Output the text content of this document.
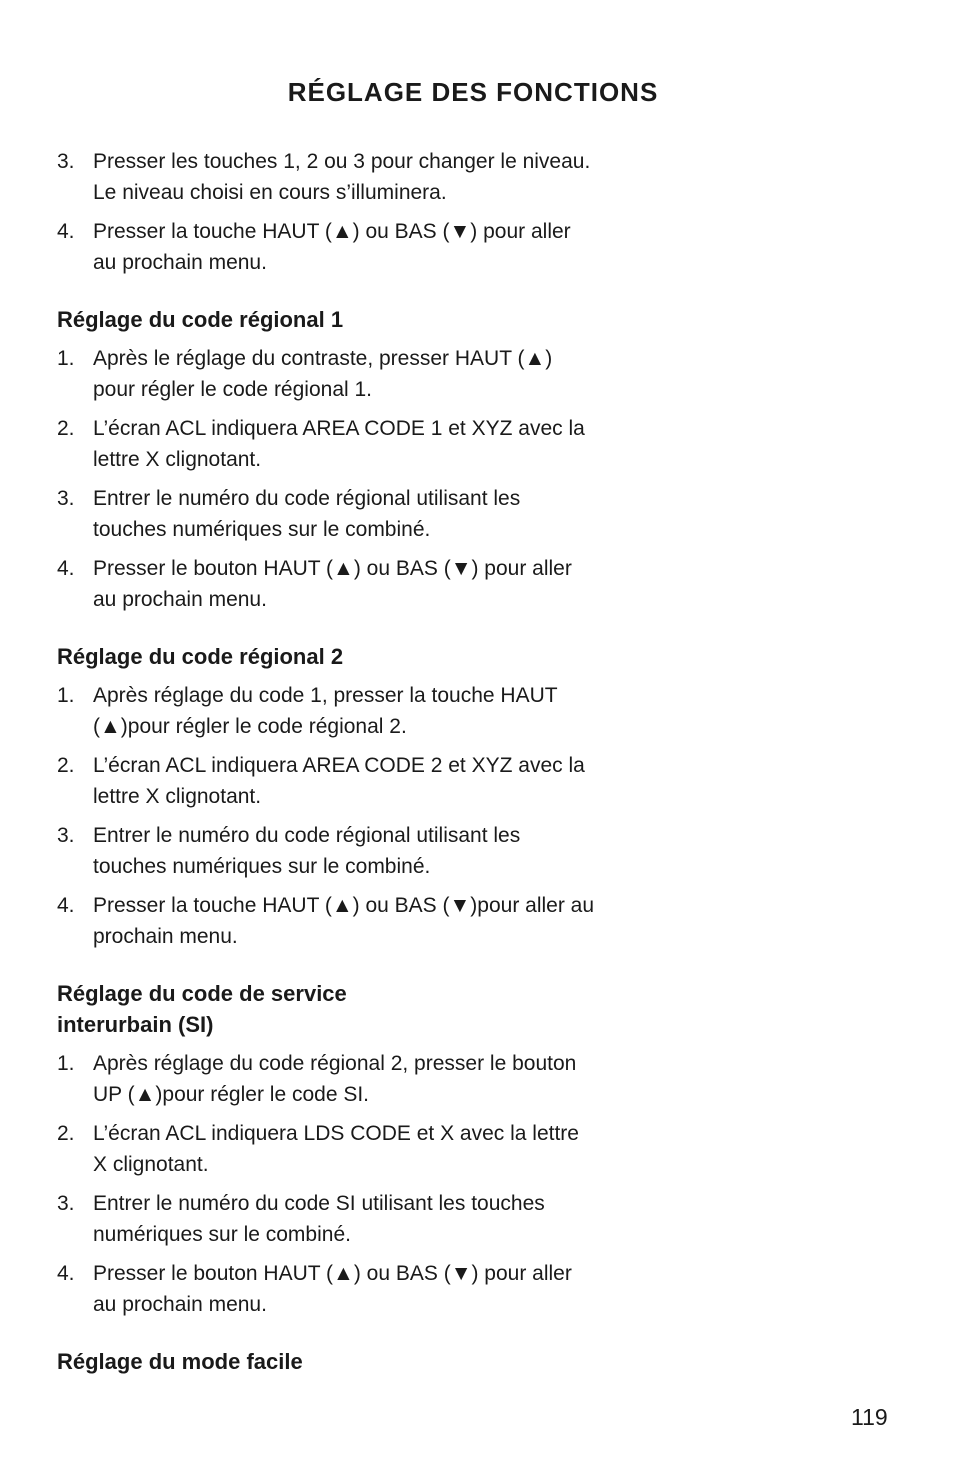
RÉGLAGE DES FONCTIONS
3. Presser les touches 1, 2 ou 3 pour changer le niveau. Le niveau choisi en cours s’illuminera.
4. Presser la touche HAUT (▲) ou BAS (▼) pour aller au prochain menu.
Réglage du code régional 1
1. Après le réglage du contraste, presser HAUT (▲) pour régler le code régional 1.
2. L’écran ACL indiquera AREA CODE 1 et XYZ avec la lettre X clignotant.
3. Entrer le numéro du code régional utilisant les touches numériques sur le combiné.
4. Presser le bouton HAUT (▲) ou BAS (▼) pour aller au prochain menu.
Réglage du code régional 2
1. Après réglage du code 1, presser la touche HAUT (▲)pour régler le code régional 2.
2. L’écran ACL indiquera AREA CODE 2 et XYZ avec la lettre X clignotant.
3. Entrer le numéro du code régional utilisant les touches numériques sur le combiné.
4. Presser la touche HAUT (▲) ou BAS (▼)pour aller au prochain menu.
Réglage du code de service
interurbain (SI)
1. Après réglage du code régional 2, presser le bouton UP (▲)pour régler le code SI.
2. L’écran ACL indiquera LDS CODE et X avec la lettre X clignotant.
3. Entrer le numéro du code SI utilisant les touches numériques sur le combiné.
4. Presser le bouton HAUT (▲) ou BAS (▼) pour aller au prochain menu.
Réglage du mode facile
119
